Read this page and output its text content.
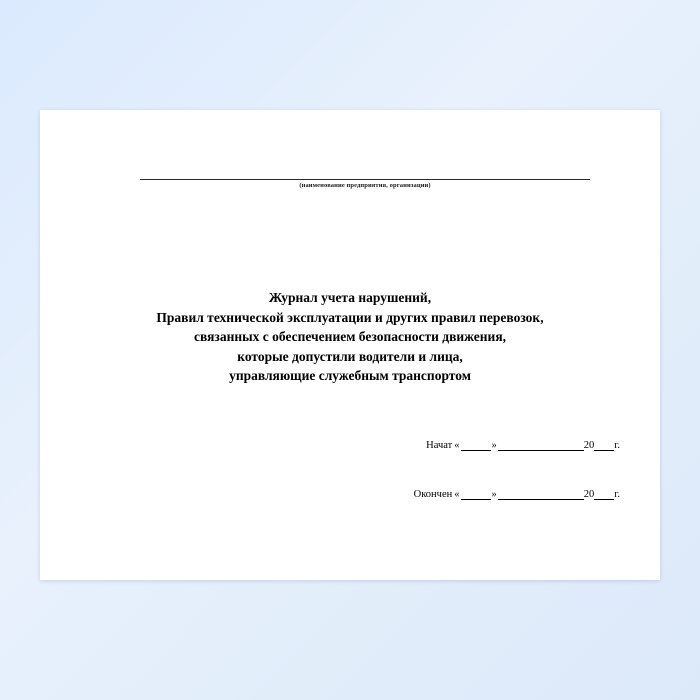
(наименование предприятия, организации)
Журнал учета нарушений,
Правил технической эксплуатации и других правил перевозок,
связанных с обеспечением безопасности движения,
которые допустили водители и лица,
управляющие служебным транспортом
Начат «	»	20 г.
Окончен «	»	20 г.
